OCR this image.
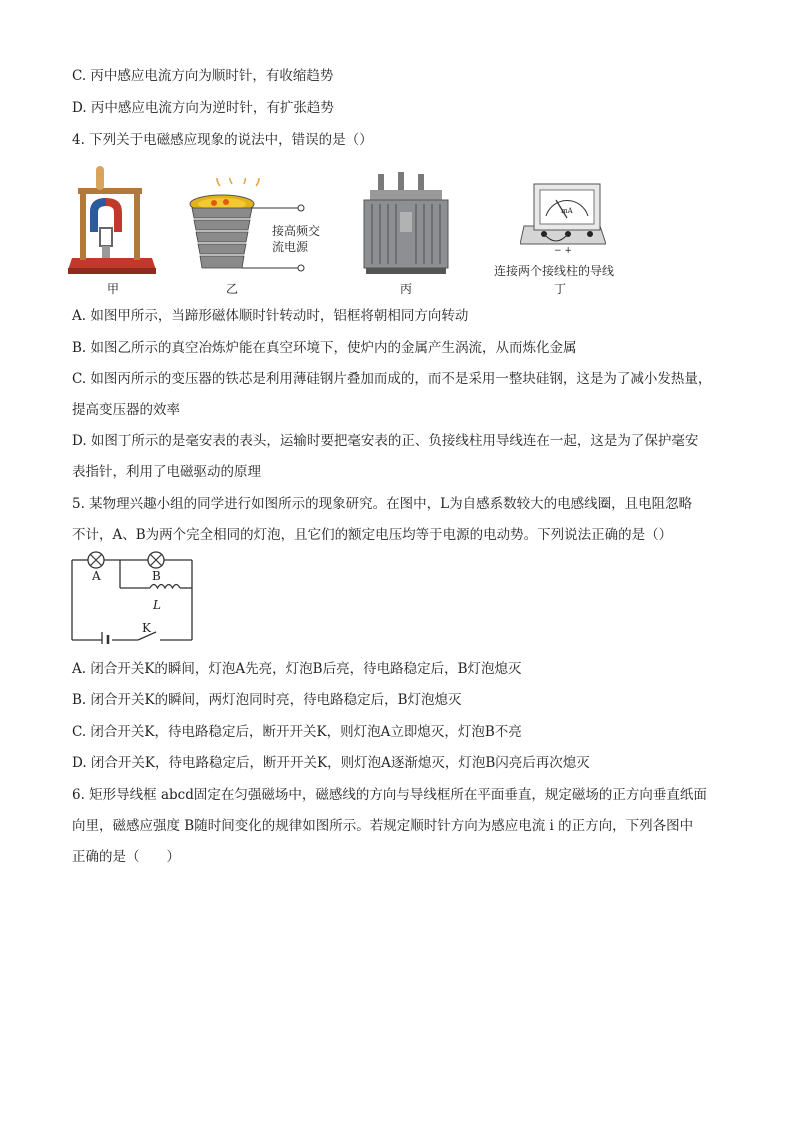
C. 丙中感应电流方向为顺时针，有收缩趋势
D. 丙中感应电流方向为逆时针，有扩张趋势
4. 下列关于电磁感应现象的说法中，错误的是（）
甲
接高频交
流电源
乙	丙
mA
− +
连接两个接线柱的导线
丁
A. 如图甲所示，当蹄形磁体顺时针转动时，铝框将朝相同方向转动
B. 如图乙所示的真空冶炼炉能在真空环境下，使炉内的金属产生涡流，从而炼化金属
C. 如图丙所示的变压器的铁芯是利用薄硅钢片叠加而成的，而不是采用一整块硅钢，这是为了减小发热量，
提高变压器的效率
D. 如图丁所示的是毫安表的表头，运输时要把毫安表的正、负接线柱用导线连在一起，这是为了保护毫安
表指针，利用了电磁驱动的原理
5. 某物理兴趣小组的同学进行如图所示的现象研究。在图中，L为自感系数较大的电感线圈，且电阻忽略
不计，A、B为两个完全相同的灯泡，且它们的额定电压均等于电源的电动势。下列说法正确的是（）
A	B
L
K
A. 闭合开关K的瞬间，灯泡A先亮，灯泡B后亮，待电路稳定后，B灯泡熄灭
B. 闭合开关K的瞬间，两灯泡同时亮，待电路稳定后，B灯泡熄灭
C. 闭合开关K，待电路稳定后，断开开关K，则灯泡A立即熄灭，灯泡B不亮
D. 闭合开关K，待电路稳定后，断开开关K，则灯泡A逐渐熄灭，灯泡B闪亮后再次熄灭
6. 矩形导线框 abcd固定在匀强磁场中，磁感线的方向与导线框所在平面垂直，规定磁场的正方向垂直纸面
向里，磁感应强度 B随时间变化的规律如图所示。若规定顺时针方向为感应电流 i 的正方向，下列各图中
正确的是（　　）
